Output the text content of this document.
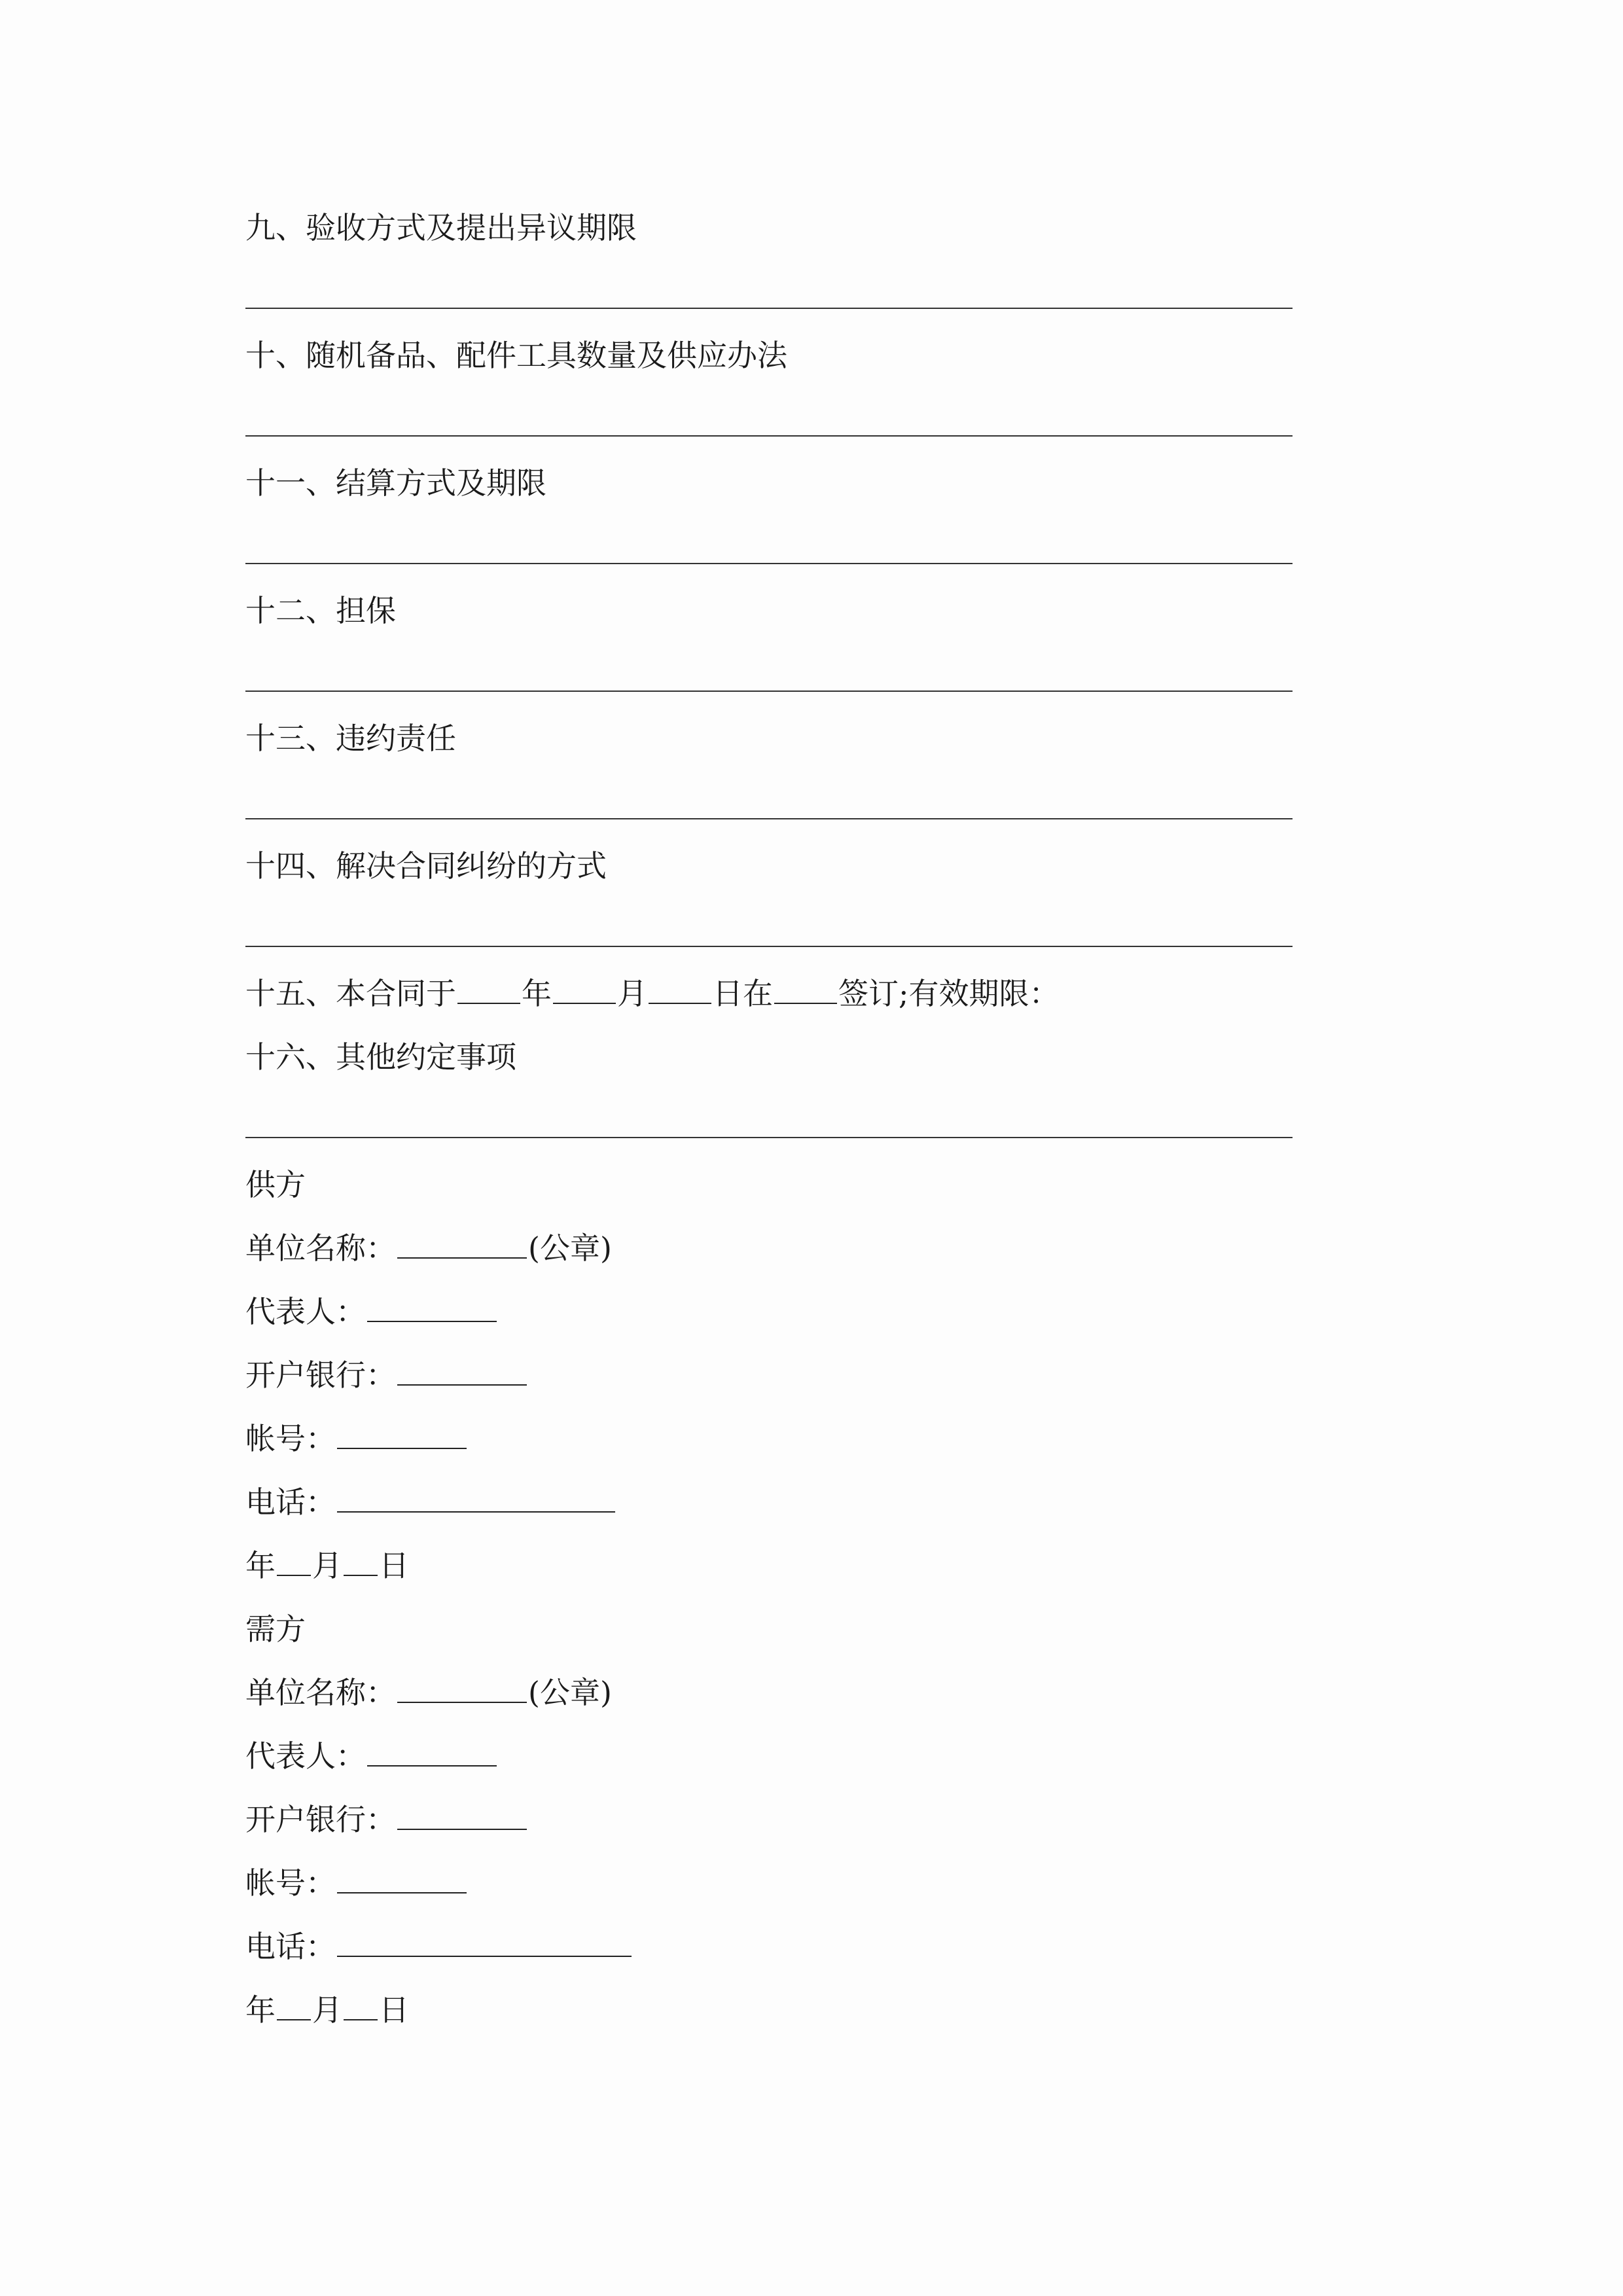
九、验收方式及提出异议期限
十、随机备品、配件工具数量及供应办法
十一、结算方式及期限
十二、担保
十三、违约责任
十四、解决合同纠纷的方式
十五、本合同于 年 月 日在 签订;有效期限：
十六、其他约定事项
供方
单位名称：	(公章)
代表人：
开户银行：
帐号：
电话：
年 月 日
需方
单位名称：	(公章)
代表人：
开户银行：
帐号：
电话：
年 月 日
